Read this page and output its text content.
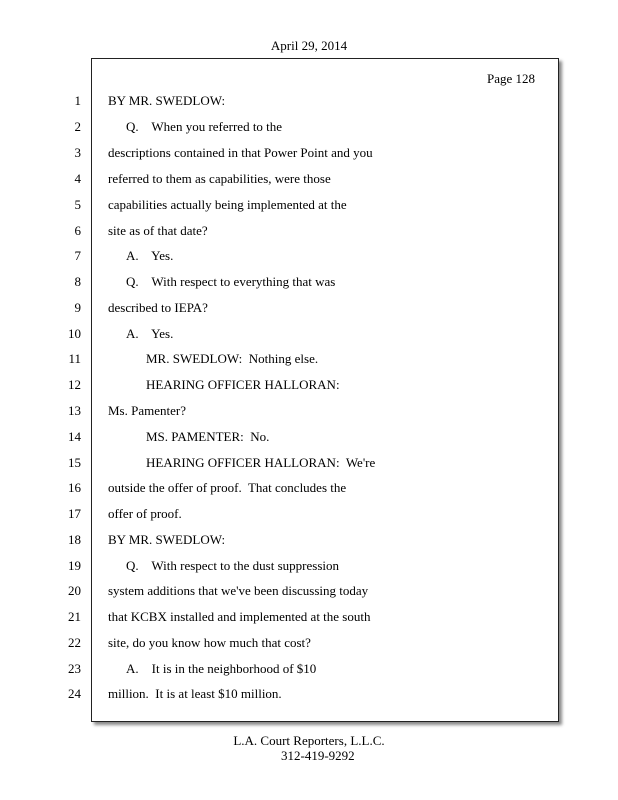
April 29, 2014
Page 128
1 BY MR. SWEDLOW:
2	Q.    When you referred to the
3 descriptions contained in that Power Point and you
4 referred to them as capabilities, were those
5 capabilities actually being implemented at the
6 site as of that date?
7	A.    Yes.
8	Q.    With respect to everything that was
9 described to IEPA?
10	A.    Yes.
11	MR. SWEDLOW:  Nothing else.
12	HEARING OFFICER HALLORAN:
13 Ms. Pamenter?
14	MS. PAMENTER:  No.
15	HEARING OFFICER HALLORAN:  We're
16 outside the offer of proof.  That concludes the
17 offer of proof.
18 BY MR. SWEDLOW:
19	Q.    With respect to the dust suppression
20 system additions that we've been discussing today
21 that KCBX installed and implemented at the south
22 site, do you know how much that cost?
23	A.    It is in the neighborhood of $10
24 million.  It is at least $10 million.
L.A. Court Reporters, L.L.C.
312-419-9292
